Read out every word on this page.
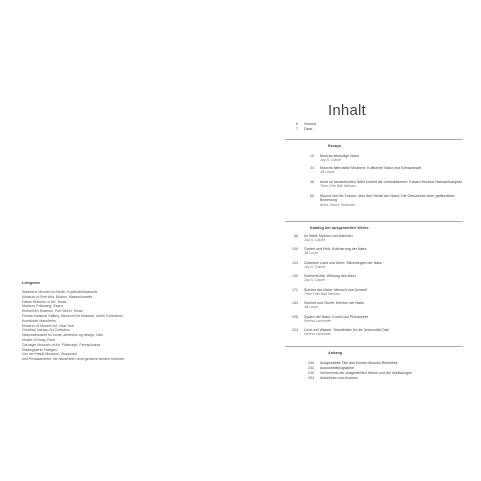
Inhalt
6	Vorwort
7	Dank
Essays
10	Munchs lebendige Natur
Jay A. Clarke
34	Munchs alternative Moderne: Kultivierte Natur und Klimawandel
Jill Lloyd
48	Auch im fantasievollen Weld kurbelt die Lebensflamme: Edvard Munchs Naturphilosophie
Trine Otte Bak Nielsen
66	Munch und die Frauen: über den Verfall der Natur: Die Geschichte einer gefährdeten Beziehung
Anne-Janne Veilstrøm
Katalog der ausgestellten Werke
88	Im Wald: Mythos und Märchen
Jay A. Clarke
106	Garten und Feld: Kultivierung der Natur
Jill Lloyd
124	Zwischen Land und Meer: Stimmungen der Natur
Jay A. Clarke
140	Sonnenlichte: Wirkung des Meer
Jay A. Clarke
172	Schöne der Natur: Mensch und Umwelt
Trine Otte Bak Nielsen
184	Schnee und Sturm: Kehrten der Natur
Jill Lloyd
208	Zyklen der Natur: Kunst und Philosophie
Nerina Lamonde
224	Licht und Wasser: Staudbilder für die Universität Oslo
Nerina Lamonde
Anhang
240	Ausgewählte Titel aus Edvard Munchs Bibliothek
242	Auswahlbibliographie
246	Verzeichnis der ausgestellten Werke und der Abbildungen
254	Autorinnen und Autoren
Leihgeber
Staatliche Museen zu Berlin, Kupferstichkabinett
Museum of Fine Arts, Boston, Massachusetts
Dallas Museum of Art, Texas
Museum Folkwang, Essen
Kimbell Art Museum, Fort Worth, Texas
Finnish National Gallery, Ateneum Art Museum, Antell Collections
Kunsthalle Mannheim
Museum of Modern Art, New York
Christian Ivarsøn Art Collection
Nasjonalmuseet for kunst, arkitektur og design, Oslo
Musée d'Orsay, Paris
Carnegie Museum of Art, Pittsburgh, Pennsylvania
Staatsgalerie Stuttgart
Von der Heydt-Museum, Wuppertal
und Privatsammler, die namentlich nicht genannt werden möchten
